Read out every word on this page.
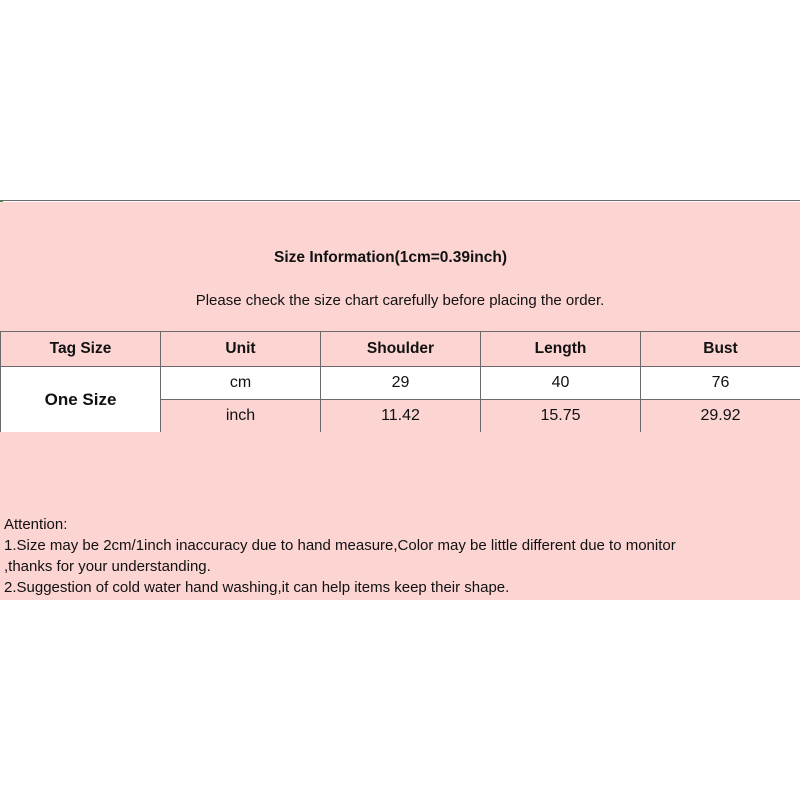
Size Information(1cm=0.39inch)
Please check the size chart carefully before placing the order.
Tag Size	Unit	Shoulder	Length	Bust
One Size	cm	29	40	76
	inch	11.42	15.75	29.92
Attention:
1.Size may be 2cm/1inch inaccuracy due to hand measure,Color may be little different due to monitor
,thanks for your understanding.
2.Suggestion of cold water hand washing,it can help items keep their shape.
